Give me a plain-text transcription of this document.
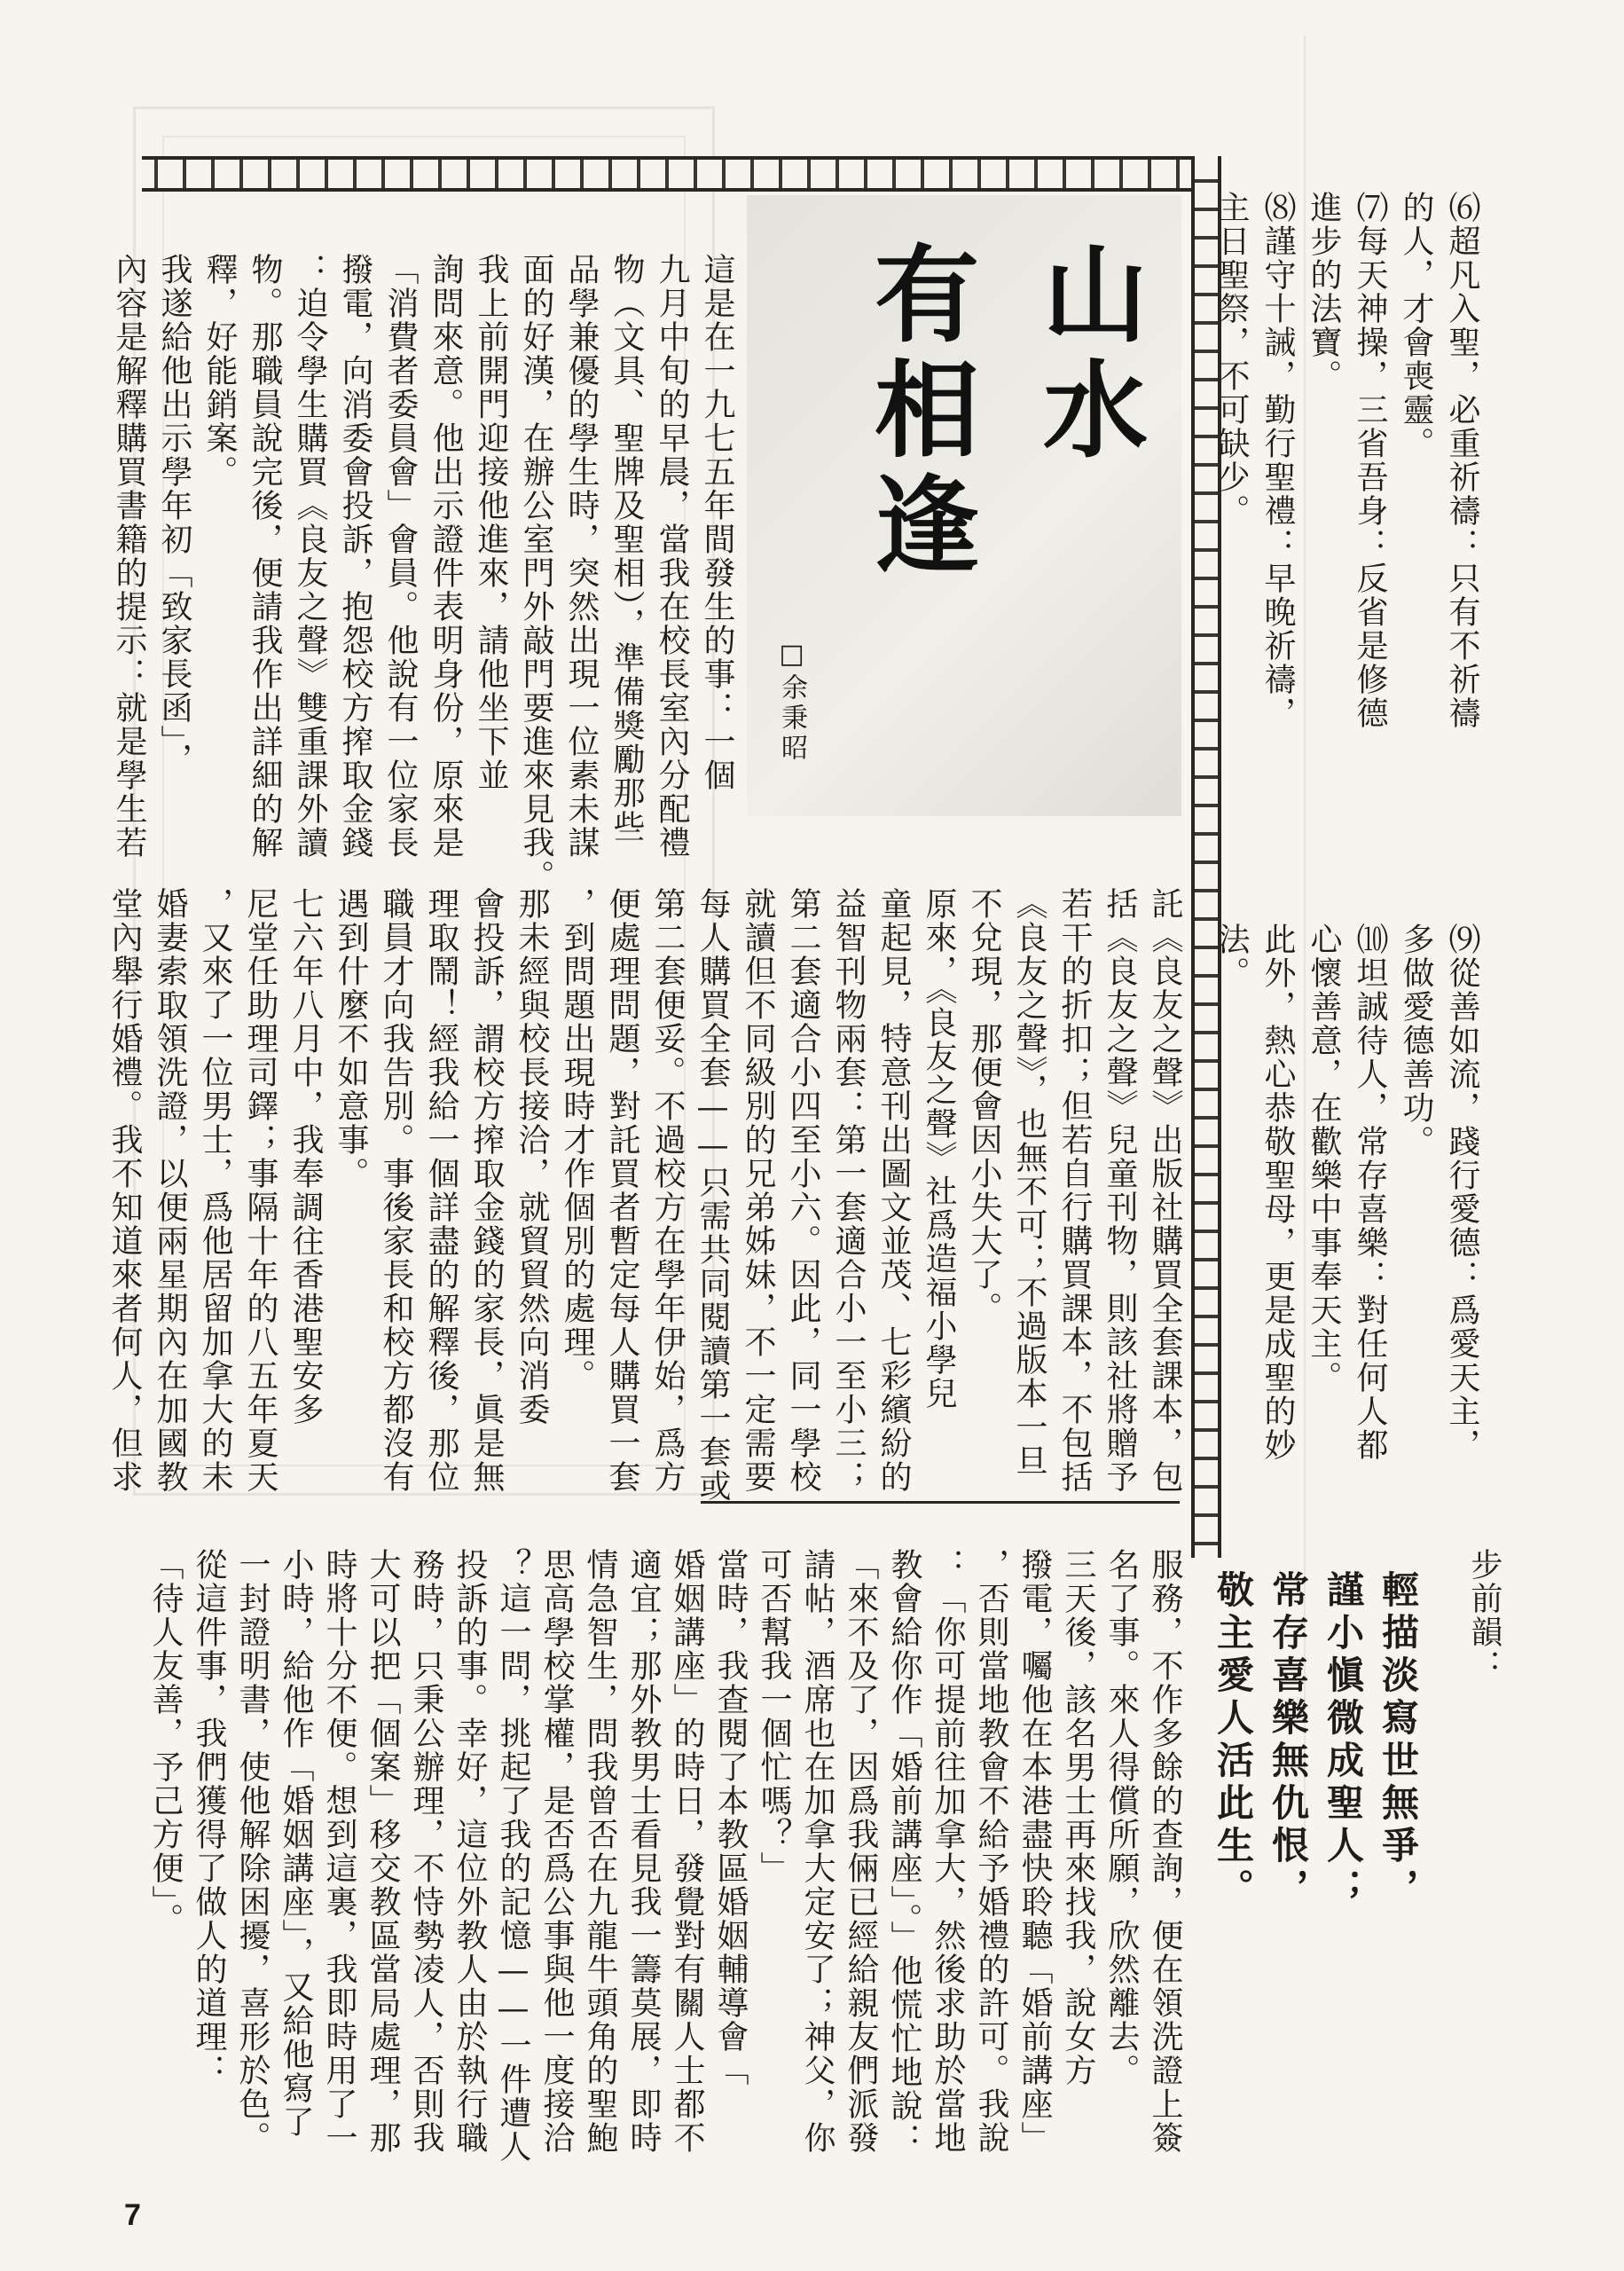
⑹超凡入聖，必重祈禱：只有不祈禱
的人，才會喪靈。
⑺每天神操，三省吾身：反省是修德
進步的法寶。
⑻謹守十誡，勤行聖禮：早晚祈禱，
主日聖祭，不可缺少。
⑼從善如流，踐行愛德：爲愛天主，
多做愛德善功。
⑽坦誠待人，常存喜樂：對任何人都
心懷善意，在歡樂中事奉天主。
此外，熱心恭敬聖母，更是成聖的妙
法。
步前韻：
輕描淡寫世無爭，
謹小愼微成聖人；
常存喜樂無仇恨，
敬主愛人活此生。
山水
有相逢
□余秉昭
這是在一九七五年間發生的事：一個
九月中旬的早晨，當我在校長室內分配禮
物（文具、聖牌及聖相），準備獎勵那些
品學兼優的學生時，突然出現一位素未謀
面的好漢，在辦公室門外敲門要進來見我。
我上前開門迎接他進來，請他坐下並
詢問來意。他出示證件表明身份，原來是
「消費者委員會」會員。他說有一位家長
撥電，向消委會投訴，抱怨校方搾取金錢
：迫令學生購買《良友之聲》雙重課外讀
物。那職員說完後，便請我作出詳細的解
釋，好能銷案。
我遂給他出示學年初「致家長函」，
內容是解釋購買書籍的提示：就是學生若
託《良友之聲》出版社購買全套課本，包
括《良友之聲》兒童刊物，則該社將贈予
若干的折扣；但若自行購買課本，不包括
《良友之聲》，也無不可；不過版本一旦
不兌現，那便會因小失大了。
原來，《良友之聲》社爲造福小學兒
童起見，特意刊出圖文並茂、七彩繽紛的
益智刊物兩套：第一套適合小一至小三；
第二套適合小四至小六。因此，同一學校
就讀但不同級別的兄弟姊妹，不一定需要
每人購買全套——只需共同閱讀第一套或
第二套便妥。不過校方在學年伊始，爲方
便處理問題，對託買者暫定每人購買一套
，到問題出現時才作個別的處理。
那未經與校長接洽，就貿貿然向消委
會投訴，謂校方搾取金錢的家長，眞是無
理取鬧！經我給一個詳盡的解釋後，那位
職員才向我告別。事後家長和校方都沒有
遇到什麼不如意事。
七六年八月中，我奉調往香港聖安多
尼堂任助理司鐸；事隔十年的八五年夏天
，又來了一位男士，爲他居留加拿大的未
婚妻索取領洗證，以便兩星期內在加國教
堂內舉行婚禮。我不知道來者何人，但求
服務，不作多餘的查詢，便在領洗證上簽
名了事。來人得償所願，欣然離去。
三天後，該名男士再來找我，說女方
撥電，囑他在本港盡快聆聽「婚前講座」
，否則當地教會不給予婚禮的許可。我說
：「你可提前往加拿大，然後求助於當地
教會給你作「婚前講座」。」他慌忙地說：
「來不及了，因爲我倆已經給親友們派發
請帖，酒席也在加拿大定安了；神父，你
可否幫我一個忙嗎？」
當時，我查閱了本教區婚姻輔導會「
婚姻講座」的時日，發覺對有關人士都不
適宜；那外教男士看見我一籌莫展，即時
情急智生，問我曾否在九龍牛頭角的聖鮑
思高學校掌權，是否爲公事與他一度接洽
？這一問，挑起了我的記憶——一件遭人
投訴的事。幸好，這位外教人由於執行職
務時，只秉公辦理，不恃勢凌人，否則我
大可以把「個案」移交教區當局處理，那
時將十分不便。想到這裏，我即時用了一
小時，給他作「婚姻講座」，又給他寫了
一封證明書，使他解除困擾，喜形於色。
從這件事，我們獲得了做人的道理：
「待人友善，予己方便」。
7
